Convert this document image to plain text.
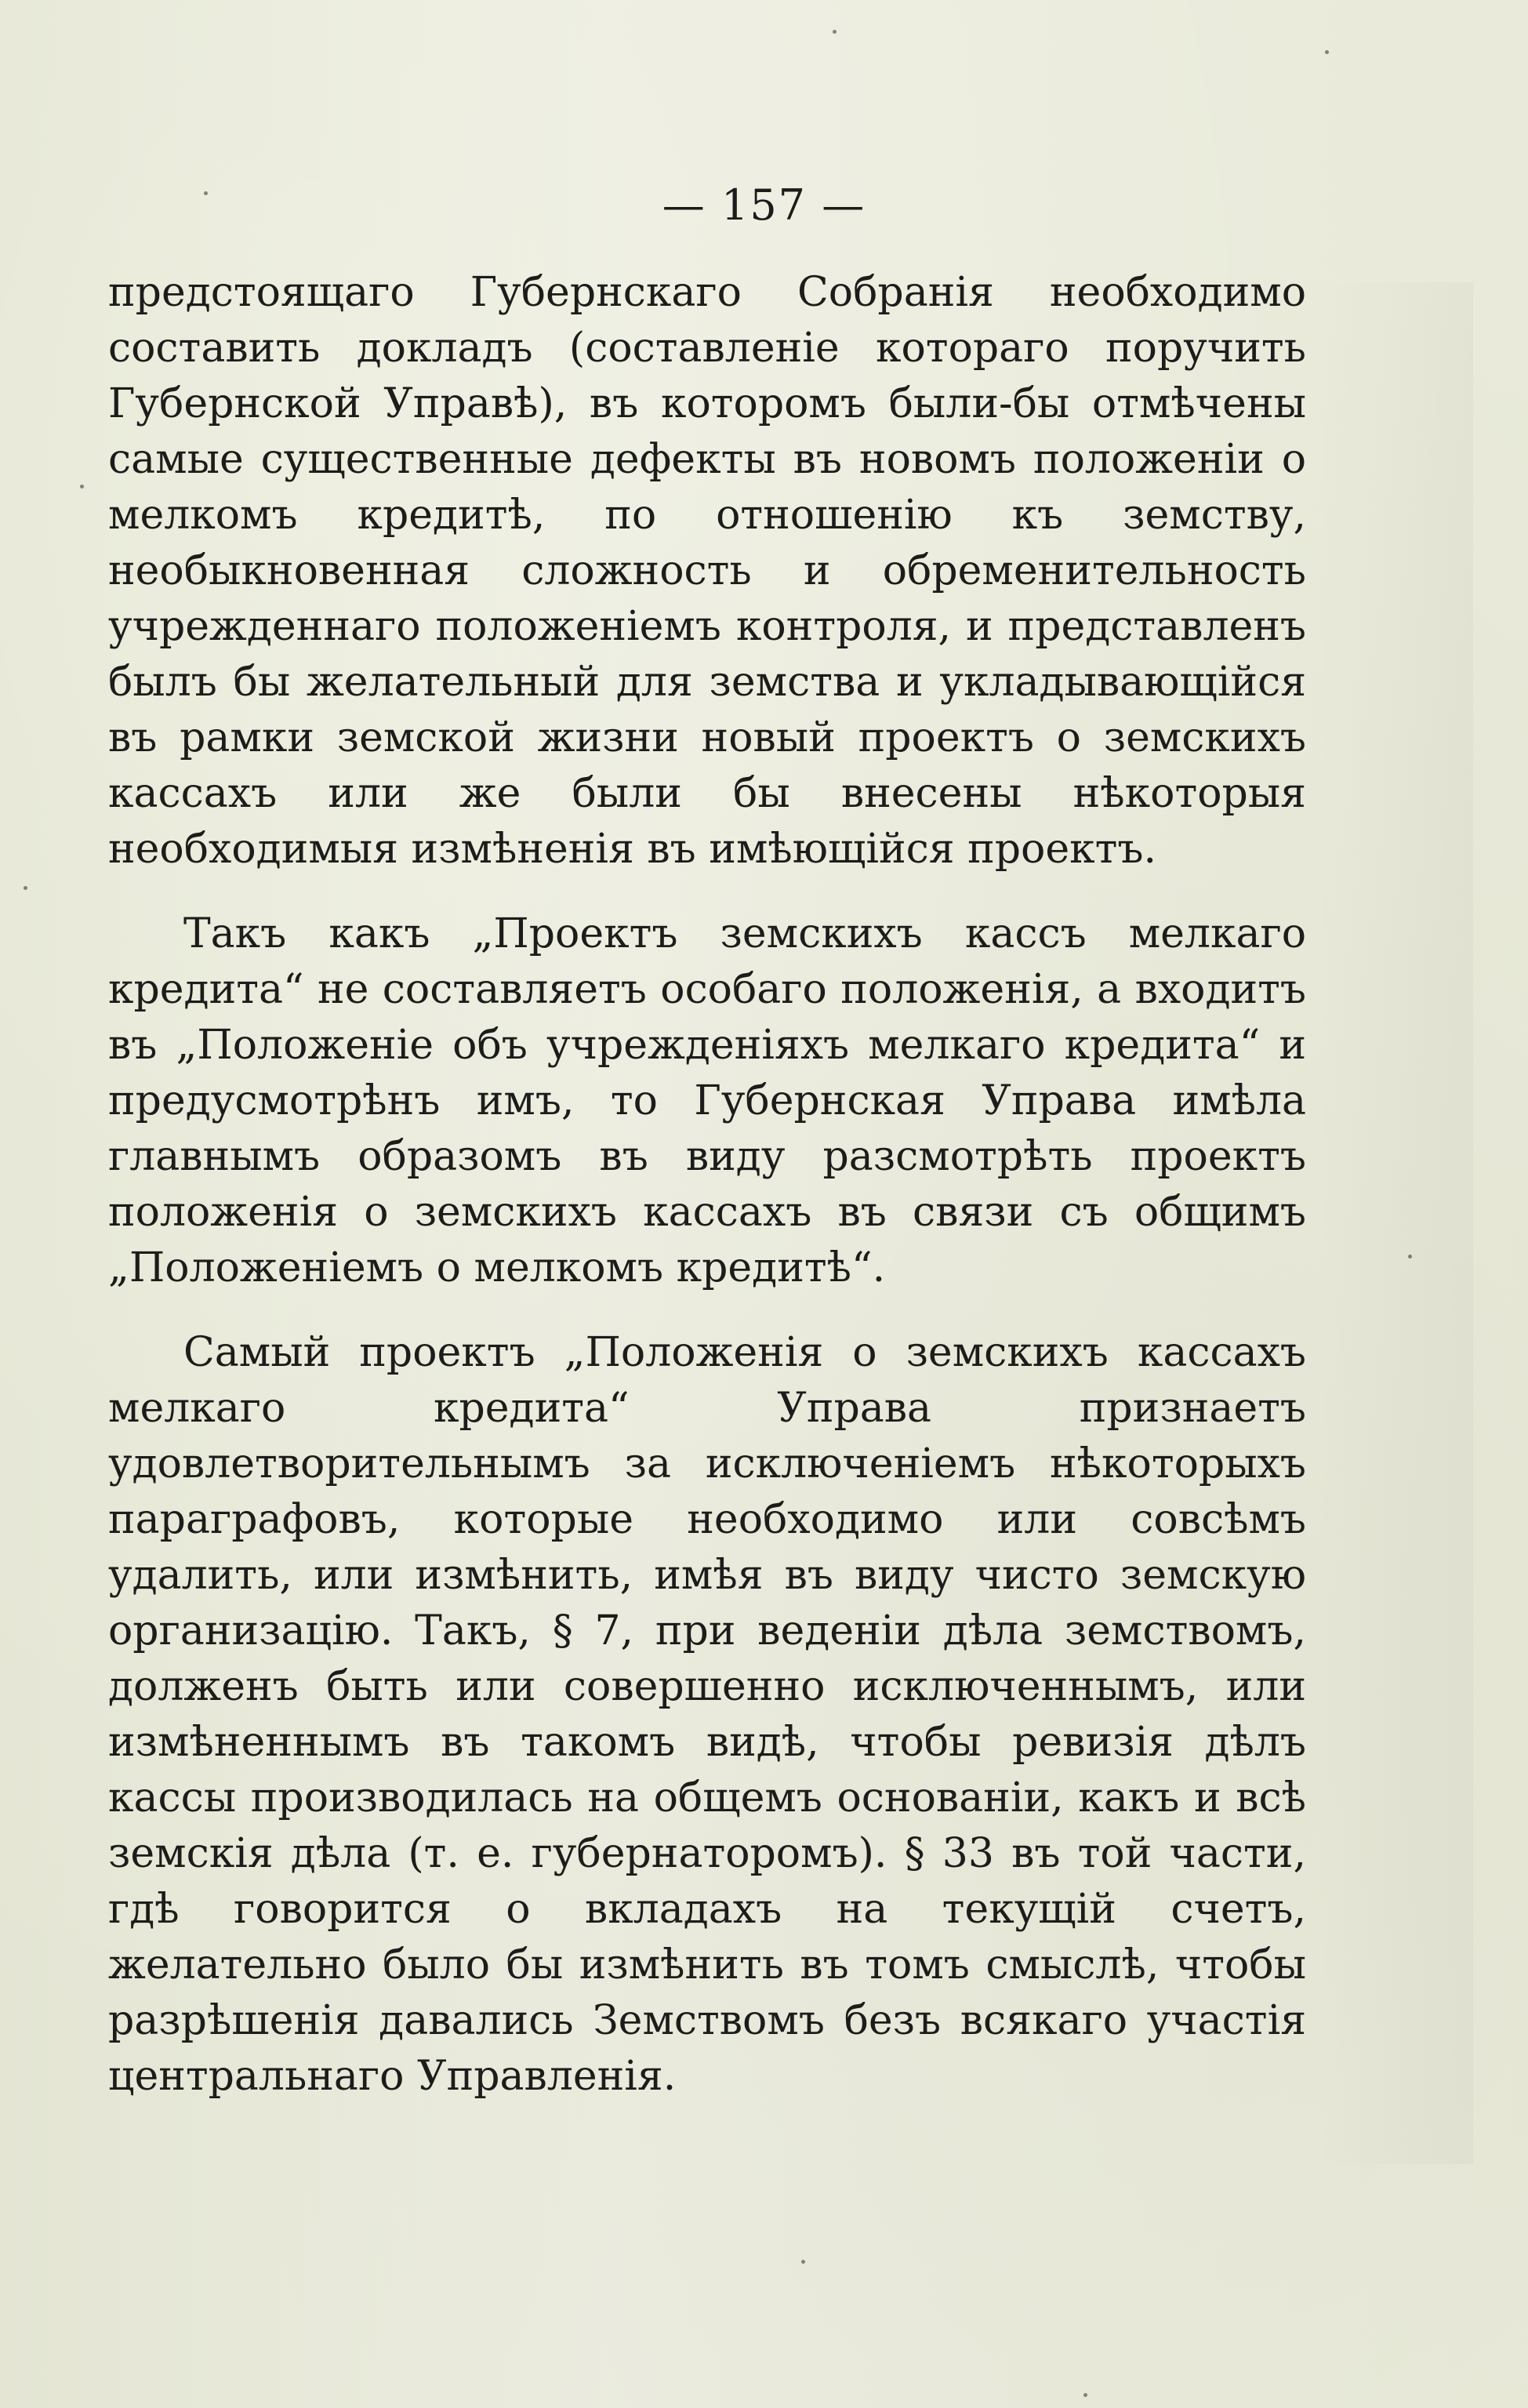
— 157 —

предстоящаго Губернскаго Собранія необходимо составить докладъ (составленіе котораго поручить Губернской Управѣ), въ которомъ были-бы отмѣчены самые существенные дефекты въ новомъ положеніи о мелкомъ кредитѣ, по отношенію къ земству, необыкновенная сложность и обременительность учрежденнаго положеніемъ контроля, и представленъ былъ бы желательный для земства и укладывающійся въ рамки земской жизни новый проектъ о земскихъ кассахъ или же были бы внесены нѣкоторыя необходимыя измѣненія въ имѣющійся проектъ.

Такъ какъ „Проектъ земскихъ кассъ мелкаго кредита“ не составляетъ особаго положенія, а входитъ въ „Положеніе объ учрежденіяхъ мелкаго кредита“ и предусмотрѣнъ имъ, то Губернская Управа имѣла главнымъ образомъ въ виду разсмотрѣть проектъ положенія о земскихъ кассахъ въ связи съ общимъ „Положеніемъ о мелкомъ кредитѣ“.

Самый проектъ „Положенія о земскихъ кассахъ мелкаго кредита“ Управа признаетъ удовлетворительнымъ за исключеніемъ нѣкоторыхъ параграфовъ, которые необходимо или совсѣмъ удалить, или измѣнить, имѣя въ виду чисто земскую организацію. Такъ, § 7, при веденіи дѣла земствомъ, долженъ быть или совершенно исключеннымъ, или измѣненнымъ въ такомъ видѣ, чтобы ревизія дѣлъ кассы производилась на общемъ основаніи, какъ и всѣ земскія дѣла (т. е. губернаторомъ). § 33 въ той части, гдѣ говорится о вкладахъ на текущій счетъ, желательно было бы измѣнить въ томъ смыслѣ, чтобы разрѣшенія давались Земствомъ безъ всякаго участія центральнаго Управленія.
